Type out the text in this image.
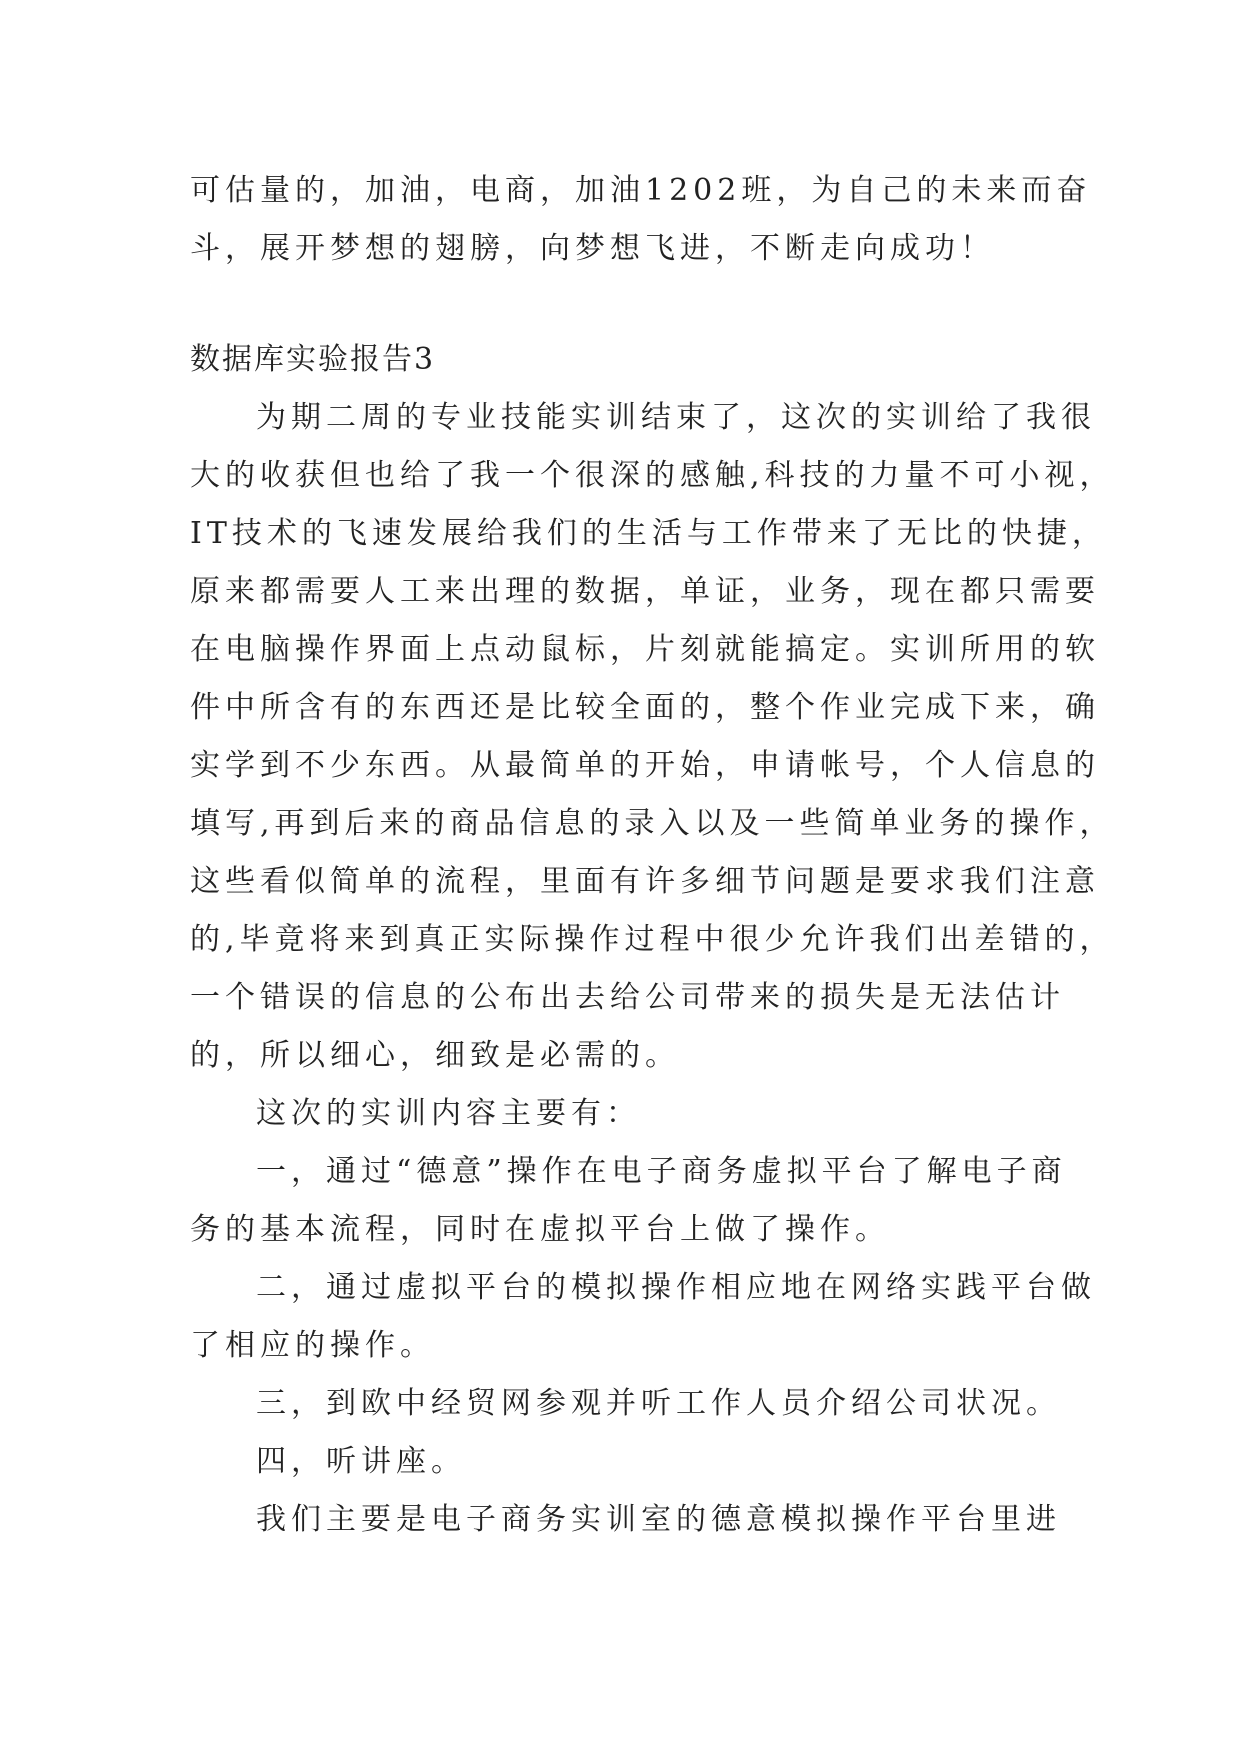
可估量的，加油，电商，加油1202班，为自己的未来而奋

斗，展开梦想的翅膀，向梦想飞进，不断走向成功！

数据库实验报告3

为期二周的专业技能实训结束了，这次的实训给了我很

大的收获但也给了我一个很深的感触,科技的力量不可小视，

IT技术的飞速发展给我们的生活与工作带来了无比的快捷，

原来都需要人工来出理的数据，单证，业务，现在都只需要

在电脑操作界面上点动鼠标，片刻就能搞定。实训所用的软

件中所含有的东西还是比较全面的，整个作业完成下来，确

实学到不少东西。从最简单的开始，申请帐号，个人信息的

填写,再到后来的商品信息的录入以及一些简单业务的操作，

这些看似简单的流程，里面有许多细节问题是要求我们注意

的,毕竟将来到真正实际操作过程中很少允许我们出差错的，

一个错误的信息的公布出去给公司带来的损失是无法估计

的，所以细心，细致是必需的。

这次的实训内容主要有：

一，通过“德意”操作在电子商务虚拟平台了解电子商

务的基本流程，同时在虚拟平台上做了操作。

二，通过虚拟平台的模拟操作相应地在网络实践平台做

了相应的操作。

三，到欧中经贸网参观并听工作人员介绍公司状况。

四，听讲座。

我们主要是电子商务实训室的德意模拟操作平台里进
